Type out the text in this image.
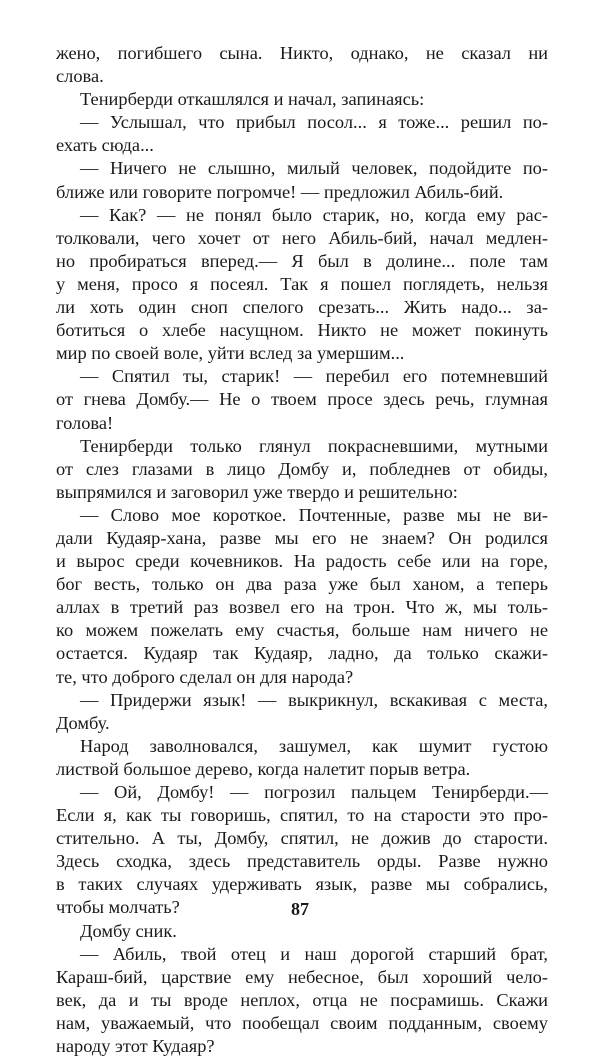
жено, погибшего сына. Никто, однако, не сказал ни
слова.
Тенирберди откашлялся и начал, запинаясь:
— Услышал, что прибыл посол... я тоже... решил по-
ехать сюда...
— Ничего не слышно, милый человек, подойдите по-
ближе или говорите погромче! — предложил Абиль-бий.
— Как? — не понял было старик, но, когда ему рас-
толковали, чего хочет от него Абиль-бий, начал медлен-
но пробираться вперед.— Я был в долине... поле там
у меня, просо я посеял. Так я пошел поглядеть, нельзя
ли хоть один сноп спелого срезать... Жить надо... за-
ботиться о хлебе насущном. Никто не может покинуть
мир по своей воле, уйти вслед за умершим...
— Спятил ты, старик! — перебил его потемневший
от гнева Домбу.— Не о твоем просе здесь речь, глумная
голова!
Тенирберди только глянул покрасневшими, мутными
от слез глазами в лицо Домбу и, побледнев от обиды,
выпрямился и заговорил уже твердо и решительно:
— Слово мое короткое. Почтенные, разве мы не ви-
дали Кудаяр-хана, разве мы его не знаем? Он родился
и вырос среди кочевников. На радость себе или на горе,
бог весть, только он два раза уже был ханом, а теперь
аллах в третий раз возвел его на трон. Что ж, мы толь-
ко можем пожелать ему счастья, больше нам ничего не
остается. Кудаяр так Кудаяр, ладно, да только скажи-
те, что доброго сделал он для народа?
— Придержи язык! — выкрикнул, вскакивая с места,
Домбу.
Народ заволновался, зашумел, как шумит густою
листвой большое дерево, когда налетит порыв ветра.
— Ой, Домбу! — погрозил пальцем Тенирберди.—
Если я, как ты говоришь, спятил, то на старости это про-
стительно. А ты, Домбу, спятил, не дожив до старости.
Здесь сходка, здесь представитель орды. Разве нужно
в таких случаях удерживать язык, разве мы собрались,
чтобы молчать?
Домбу сник.
— Абиль, твой отец и наш дорогой старший брат,
Караш-бий, царствие ему небесное, был хороший чело-
век, да и ты вроде неплох, отца не посрамишь. Скажи
нам, уважаемый, что пообещал своим подданным, своему
народу этот Кудаяр?
87
